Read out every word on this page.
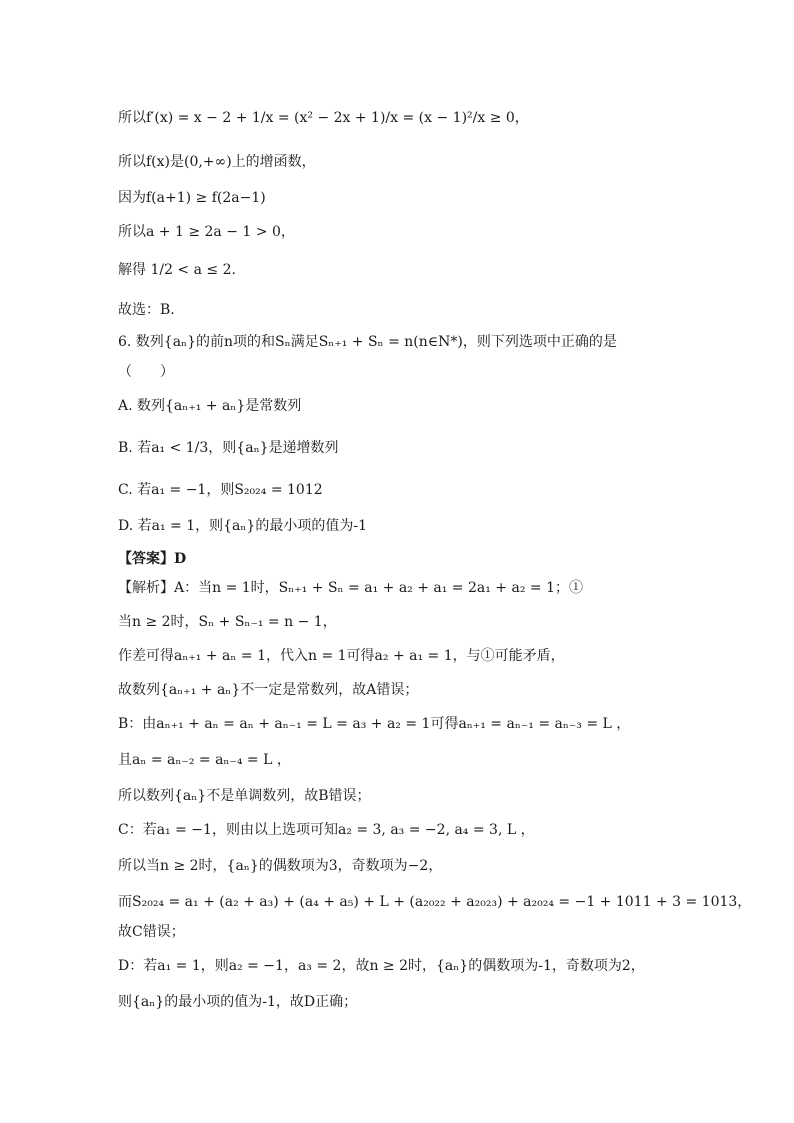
所以f′(x) = x − 2 + 1/x = (x² − 2x + 1)/x = (x − 1)²/x ≥ 0，
所以f(x)是(0,+∞)上的增函数，
因为f(a+1) ≥ f(2a−1)
所以a + 1 ≥ 2a − 1 > 0，
解得 1/2 < a ≤ 2.
故选：B.
6. 数列{aₙ}的前n项的和Sₙ满足Sₙ₊₁ + Sₙ = n(n∈N*)，则下列选项中正确的是
（　　）
A. 数列{aₙ₊₁ + aₙ}是常数列
B. 若a₁ < 1/3，则{aₙ}是递增数列
C. 若a₁ = −1，则S₂₀₂₄ = 1012
D. 若a₁ = 1，则{aₙ}的最小项的值为-1
【答案】D
【解析】A：当n = 1时，Sₙ₊₁ + Sₙ = a₁ + a₂ + a₁ = 2a₁ + a₂ = 1；①
当n ≥ 2时，Sₙ + Sₙ₋₁ = n − 1，
作差可得aₙ₊₁ + aₙ = 1，代入n = 1可得a₂ + a₁ = 1，与①可能矛盾，
故数列{aₙ₊₁ + aₙ}不一定是常数列，故A错误；
B：由aₙ₊₁ + aₙ = aₙ + aₙ₋₁ = L = a₃ + a₂ = 1可得aₙ₊₁ = aₙ₋₁ = aₙ₋₃ = L ，
且aₙ = aₙ₋₂ = aₙ₋₄ = L ，
所以数列{aₙ}不是单调数列，故B错误；
C：若a₁ = −1，则由以上选项可知a₂ = 3, a₃ = −2, a₄ = 3, L ，
所以当n ≥ 2时，{aₙ}的偶数项为3，奇数项为−2，
而S₂₀₂₄ = a₁ + (a₂ + a₃) + (a₄ + a₅) + L + (a₂₀₂₂ + a₂₀₂₃) + a₂₀₂₄ = −1 + 1011 + 3 = 1013，
故C错误；
D：若a₁ = 1，则a₂ = −1，a₃ = 2，故n ≥ 2时，{aₙ}的偶数项为-1，奇数项为2，
则{aₙ}的最小项的值为-1，故D正确；
